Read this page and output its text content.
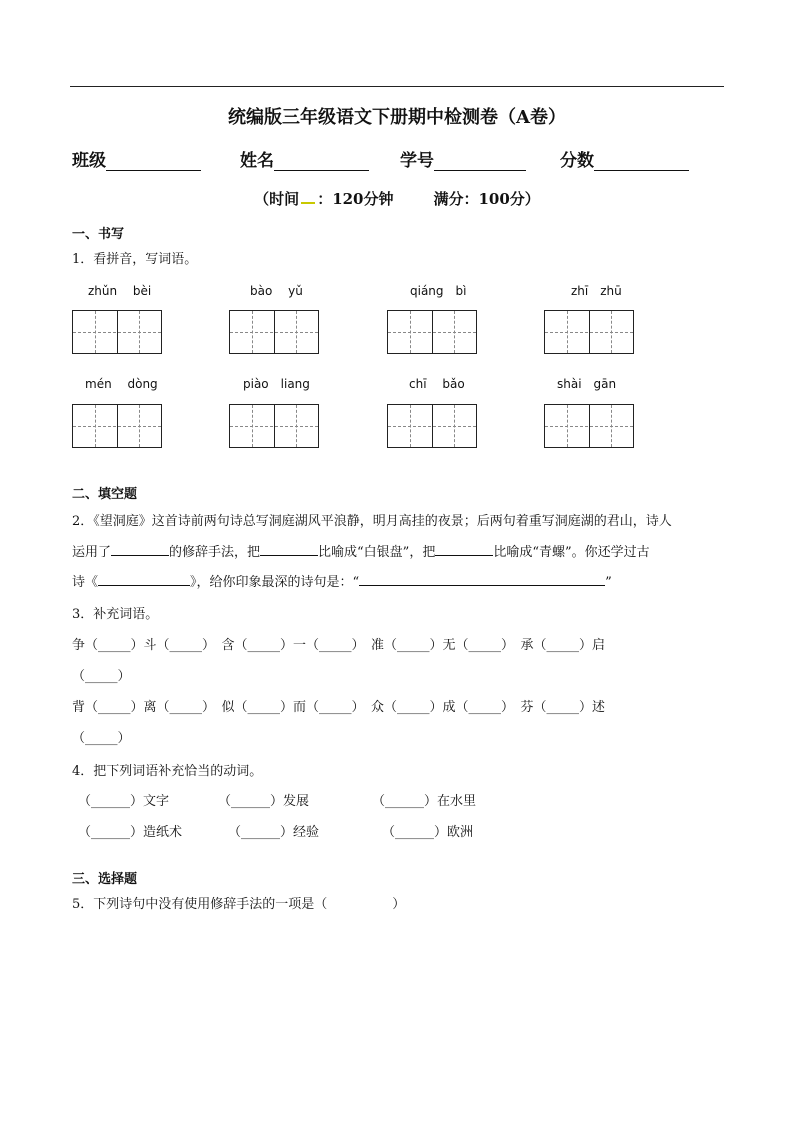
统编版三年级语文下册期中检测卷（A卷）
班级	姓名	学号	分数
（时间 ：120分钟	满分：100分）
一、书写
1．看拼音，写词语。
zhǔn　 bèi	bào　 yǔ	qiáng　bì	zhī　zhū
mén　 dòng	piào　liang	chī　 bǎo	shài　gān
二、填空题
2．《望洞庭》这首诗前两句诗总写洞庭湖风平浪静，明月高挂的夜景；后两句着重写洞庭湖的君山，诗人
运用了	的修辞手法，把	比喻成“白银盘”，把	比喻成“青螺”。你还学过古
诗《	》，给你印象最深的诗句是：“	”
3．补充词语。
争（_____）斗（_____）　含（_____）一（_____）　准（_____）无（_____）　承（_____）启
（_____）
背（_____）离（_____）　似（_____）而（_____）　众（_____）成（_____）　芬（_____）述
（_____）
4．把下列词语补充恰当的动词。
（______）文字	（______）发展	（______）在水里
（______）造纸术	（______）经验	（______）欧洲
三、选择题
5．下列诗句中没有使用修辞手法的一项是（　　　　　）
